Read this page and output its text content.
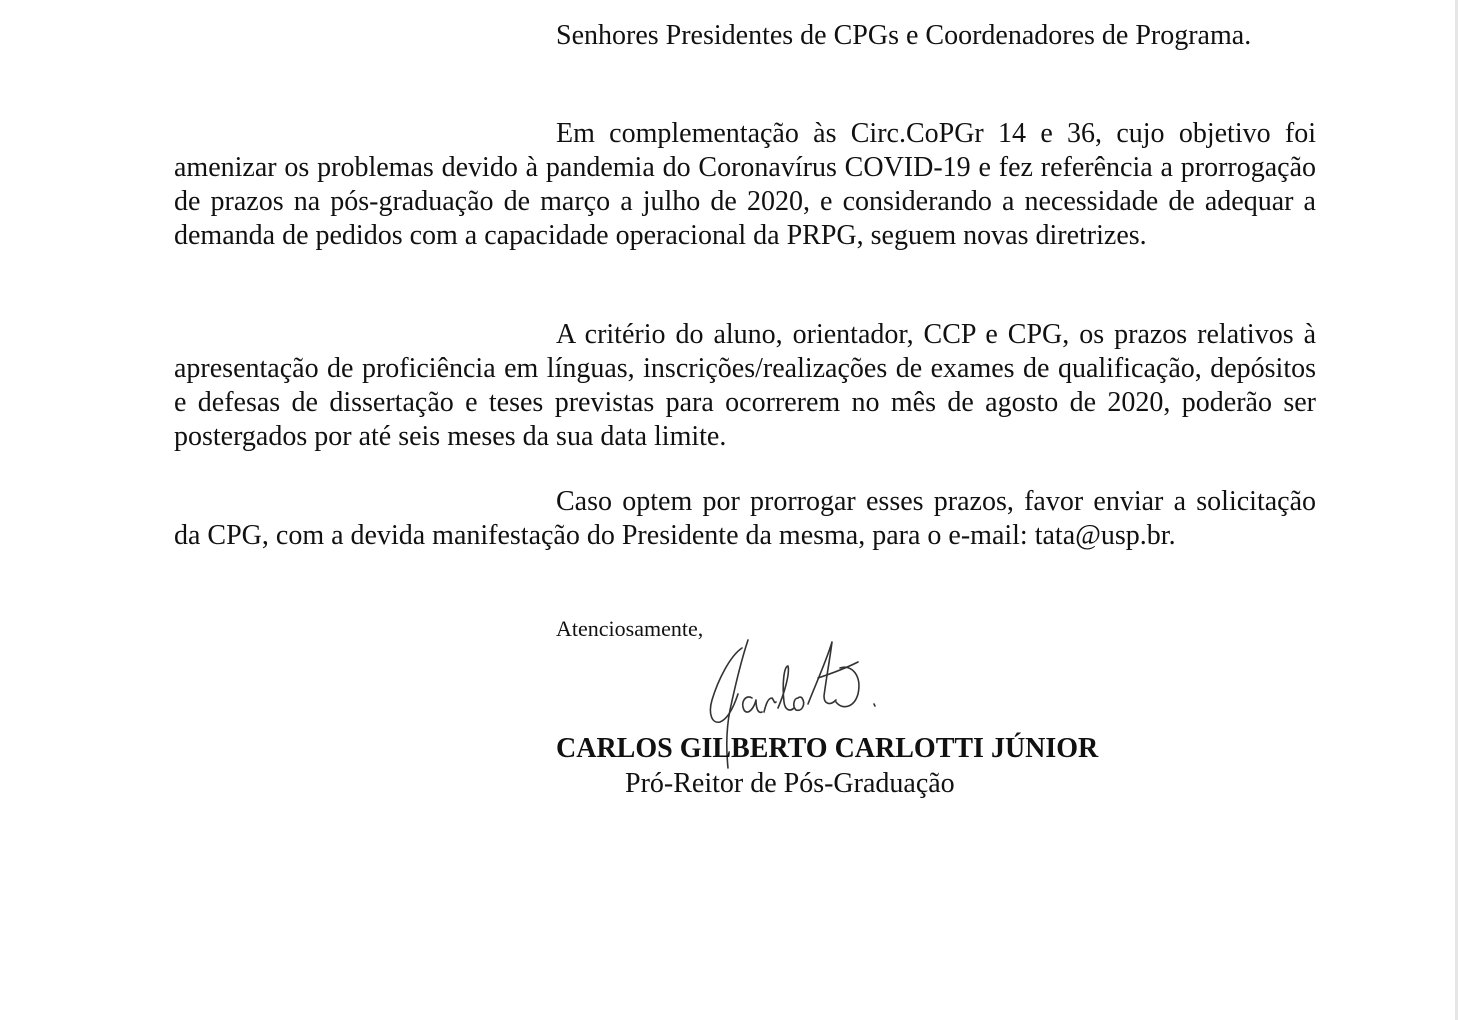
Senhores Presidentes de CPGs e Coordenadores de Programa.

Em complementação às Circ.CoPGr 14 e 36, cujo objetivo foi amenizar os problemas devido à pandemia do Coronavírus COVID-19 e fez referência a prorrogação de prazos na pós-graduação de março a julho de 2020, e considerando a necessidade de adequar a demanda de pedidos com a capacidade operacional da PRPG, seguem novas diretrizes.

A critério do aluno, orientador, CCP e CPG, os prazos relativos à apresentação de proficiência em línguas, inscrições/realizações de exames de qualificação, depósitos e defesas de dissertação e teses previstas para ocorrerem no mês de agosto de 2020, poderão ser postergados por até seis meses da sua data limite.

Caso optem por prorrogar esses prazos, favor enviar a solicitação da CPG, com a devida manifestação do Presidente da mesma, para o e-mail: tata@usp.br.

Atenciosamente,
CARLOS GILBERTO CARLOTTI JÚNIOR
Pró-Reitor de Pós-Graduação
